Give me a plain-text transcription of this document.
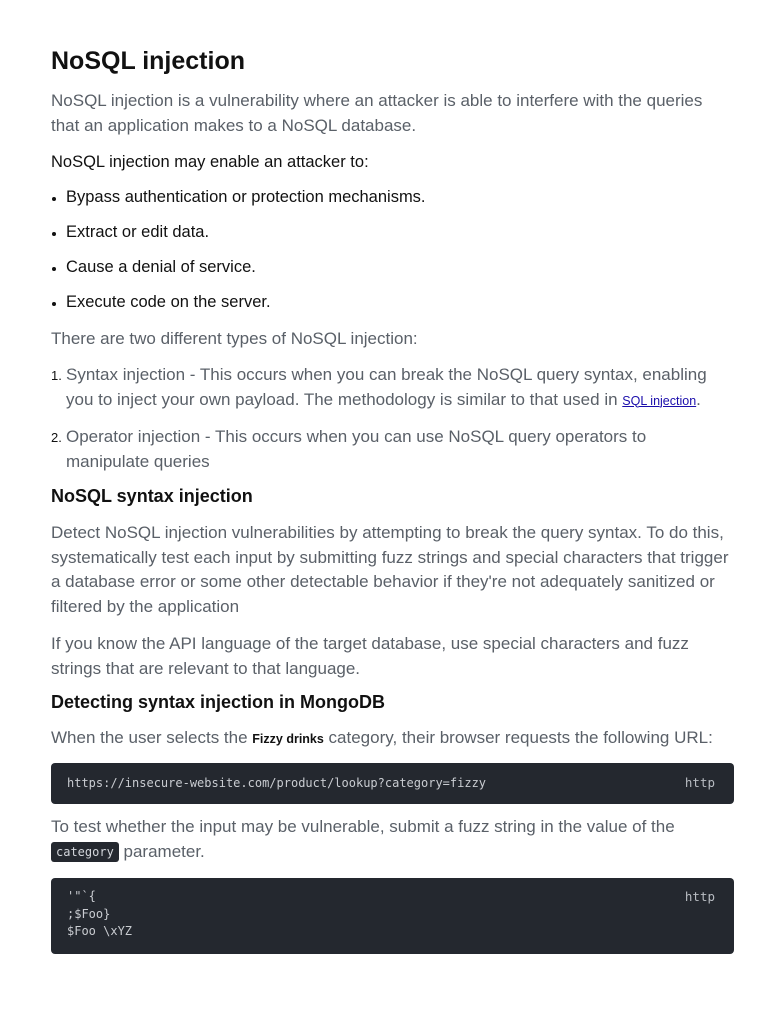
NoSQL injection

NoSQL injection is a vulnerability where an attacker is able to interfere with the queries that an application makes to a NoSQL database.

NoSQL injection may enable an attacker to:

Bypass authentication or protection mechanisms.
Extract or edit data.
Cause a denial of service.
Execute code on the server.

There are two different types of NoSQL injection:

1. Syntax injection - This occurs when you can break the NoSQL query syntax, enabling you to inject your own payload. The methodology is similar to that used in SQL injection.
2. Operator injection - This occurs when you can use NoSQL query operators to manipulate queries
NoSQL syntax injection

Detect NoSQL injection vulnerabilities by attempting to break the query syntax. To do this, systematically test each input by submitting fuzz strings and special characters that trigger a database error or some other detectable behavior if they're not adequately sanitized or filtered by the application

If you know the API language of the target database, use special characters and fuzz strings that are relevant to that language.

Detecting syntax injection in MongoDB

When the user selects the Fizzy drinks category, their browser requests the following URL:

https://insecure-website.com/product/lookup?category=fizzy	http

To test whether the input may be vulnerable, submit a fuzz string in the value of the
category parameter.

'"`{
;$Foo}
$Foo \xYZ
http
